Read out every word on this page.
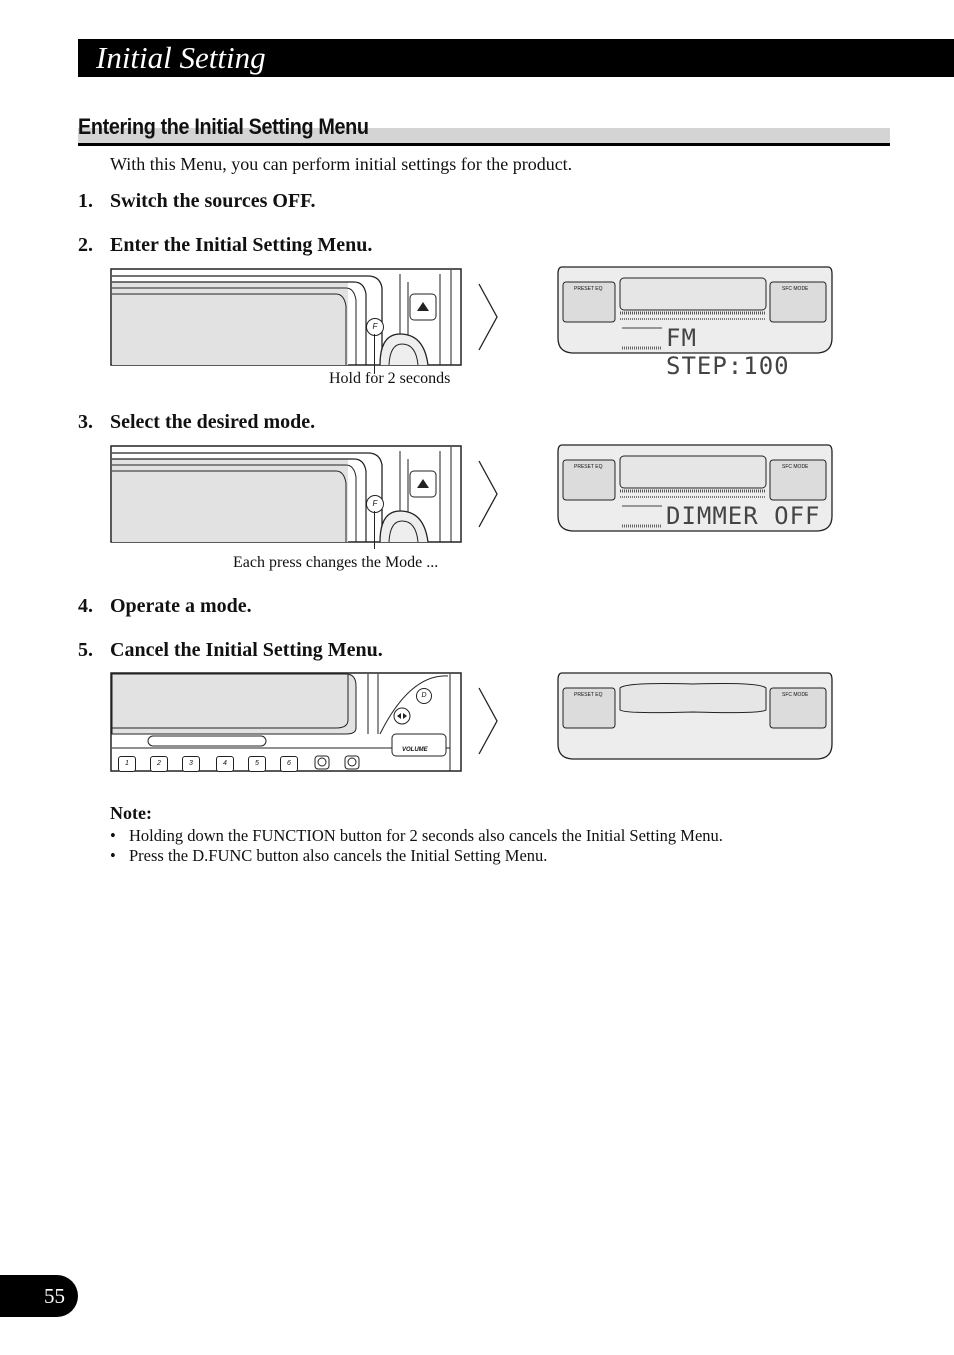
Initial Setting
Entering the Initial Setting Menu

With this Menu, you can perform initial settings for the product.

1. Switch the sources OFF.
2. Enter the Initial Setting Menu.
F
Hold for 2 seconds
PRESET EQ	SFC MODE
FM STEP:100
3. Select the desired mode.
F
Each press changes the Mode ...
PRESET EQ	SFC MODE
DIMMER OFF
4. Operate a mode.
5. Cancel the Initial Setting Menu.
D
VOLUME
1	2	3	4	5	6
PRESET EQ	SFC MODE
Note:
• Holding down the FUNCTION button for 2 seconds also cancels the Initial Setting Menu.
• Press the D.FUNC button also cancels the Initial Setting Menu.
55
